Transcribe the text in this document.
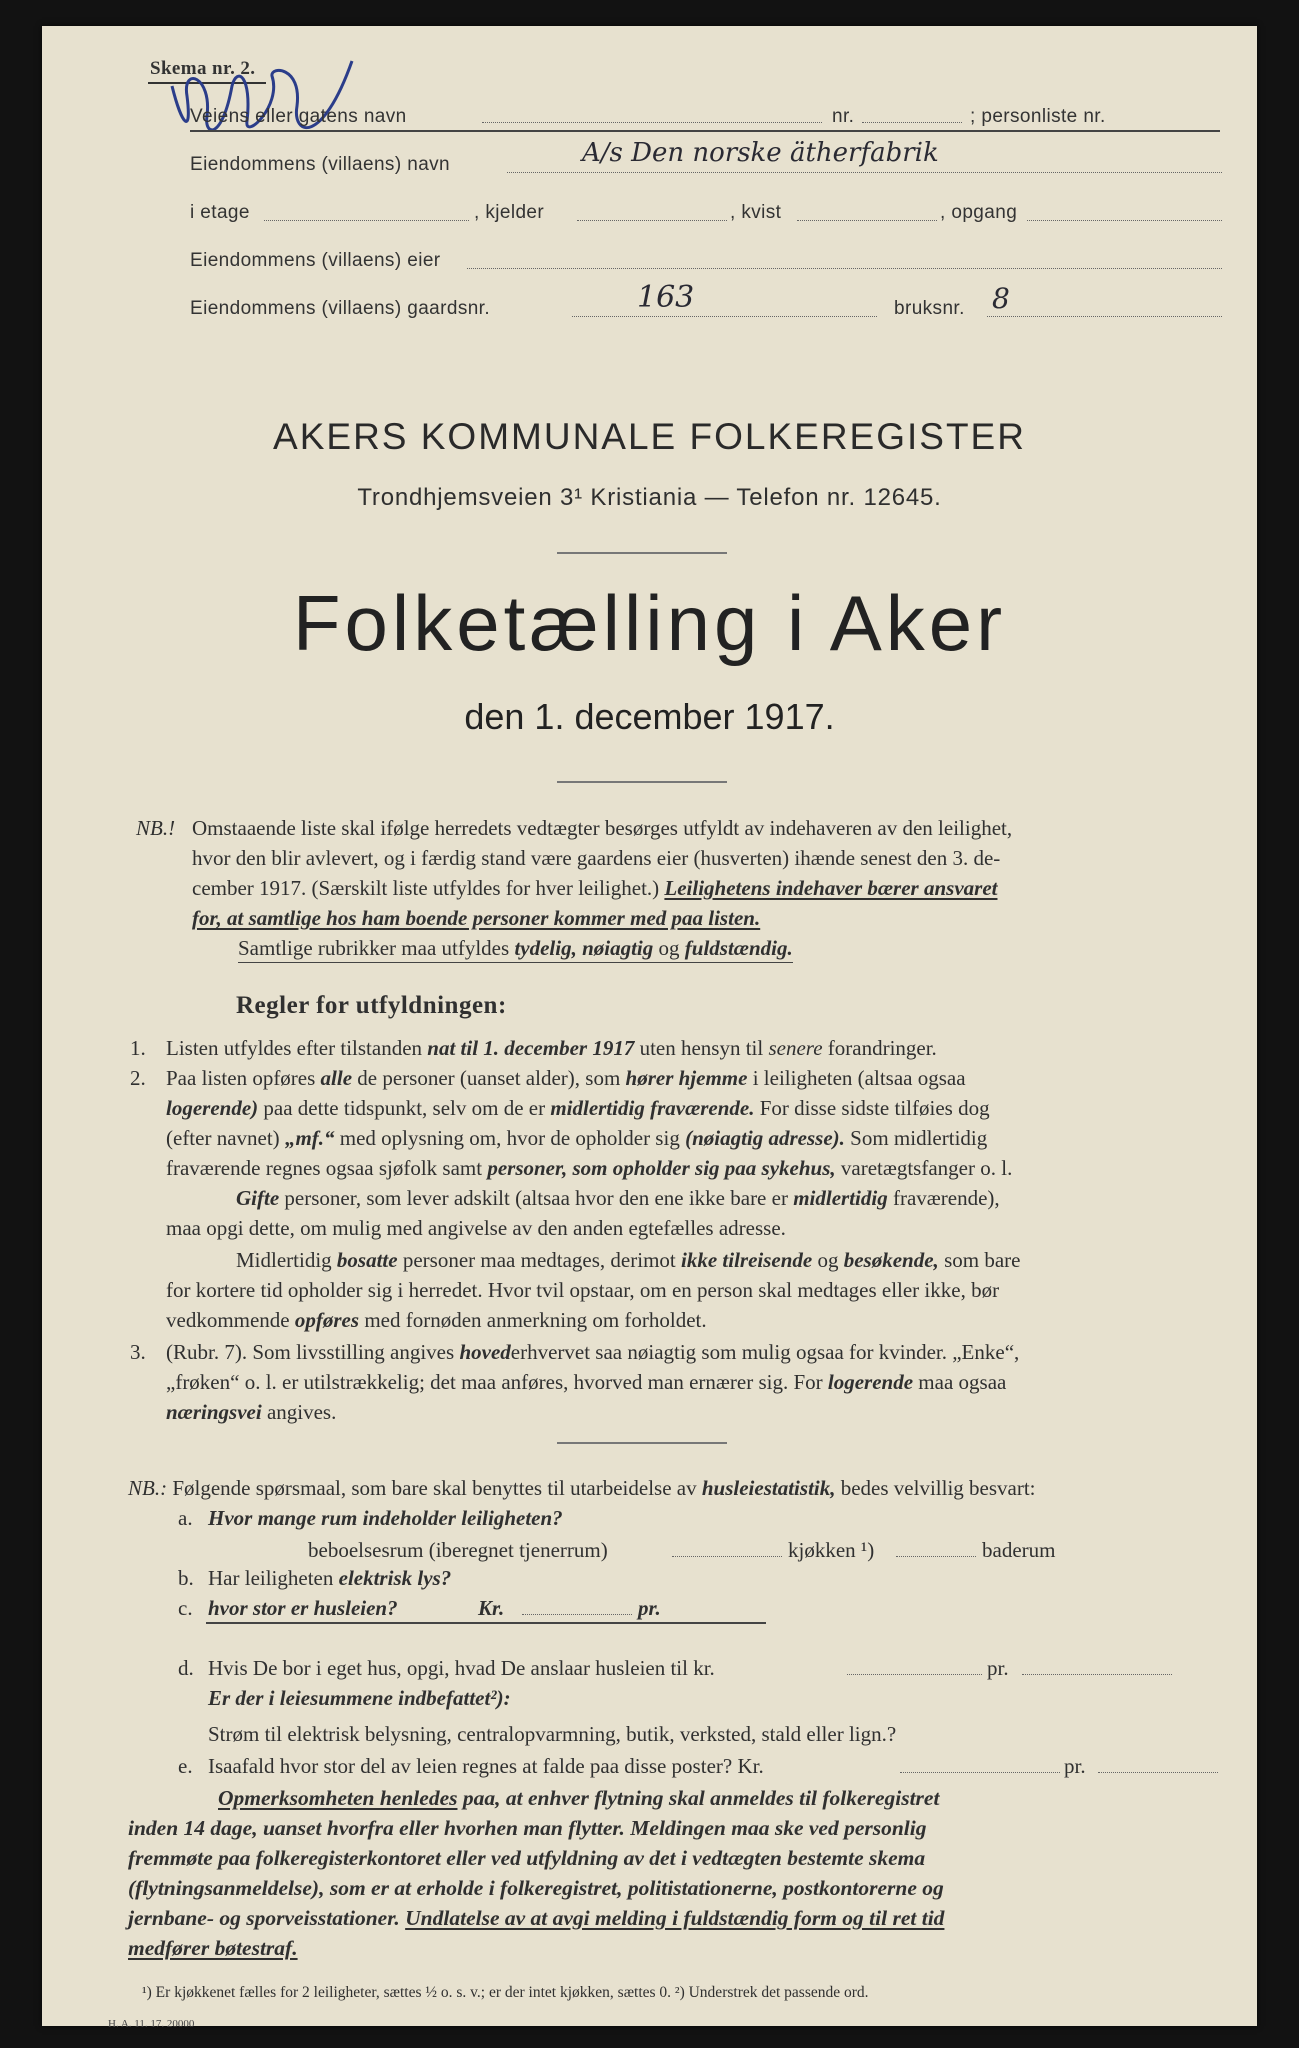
Skema nr. 2.
Veiens eller gatens navn	nr.	; personliste nr.
Eiendommens (villaens) navn	A/s Den norske ätherfabrik
i etage	, kjelder	, kvist	, opgang
Eiendommens (villaens) eier
Eiendommens (villaens) gaardsnr.	163	bruksnr. 8
AKERS KOMMUNALE FOLKEREGISTER
Trondhjemsveien 3¹ Kristiania — Telefon nr. 12645.
Folketælling i Aker
den 1. december 1917.
NB.! Omstaaende liste skal ifølge herredets vedtægter besørges utfyldt av indehaveren av den leilighet,
hvor den blir avlevert, og i færdig stand være gaardens eier (husverten) ihænde senest den 3. de-
cember 1917. (Særskilt liste utfyldes for hver leilighet.) Leilighetens indehaver bærer ansvaret
for, at samtlige hos ham boende personer kommer med paa listen.
Samtlige rubrikker maa utfyldes tydelig, nøiagtig og fuldstændig.
Regler for utfyldningen:
1. Listen utfyldes efter tilstanden nat til 1. december 1917 uten hensyn til senere forandringer.
2. Paa listen opføres alle de personer (uanset alder), som hører hjemme i leiligheten (altsaa ogsaa
logerende) paa dette tidspunkt, selv om de er midlertidig fraværende. For disse sidste tilføies dog
(efter navnet) „mf.“ med oplysning om, hvor de opholder sig (nøiagtig adresse). Som midlertidig
fraværende regnes ogsaa sjøfolk samt personer, som opholder sig paa sykehus, varetægtsfanger o. l.
Gifte personer, som lever adskilt (altsaa hvor den ene ikke bare er midlertidig fraværende),
maa opgi dette, om mulig med angivelse av den anden egtefælles adresse.
Midlertidig bosatte personer maa medtages, derimot ikke tilreisende og besøkende, som bare
for kortere tid opholder sig i herredet. Hvor tvil opstaar, om en person skal medtages eller ikke, bør
vedkommende opføres med fornøden anmerkning om forholdet.
3. (Rubr. 7). Som livsstilling angives hovederhvervet saa nøiagtig som mulig ogsaa for kvinder. „Enke“,
„frøken“ o. l. er utilstrækkelig; det maa anføres, hvorved man ernærer sig. For logerende maa ogsaa
næringsvei angives.
NB.: Følgende spørsmaal, som bare skal benyttes til utarbeidelse av husleiestatistik, bedes velvillig besvart:
a. Hvor mange rum indeholder leiligheten?
beboelsesrum (iberegnet tjenerrum)	kjøkken ¹)	baderum
b. Har leiligheten elektrisk lys?
c. hvor stor er husleien?	Kr.	pr.
d. Hvis De bor i eget hus, opgi, hvad De anslaar husleien til kr.	pr.
Er der i leiesummene indbefattet²):
Strøm til elektrisk belysning, centralopvarmning, butik, verksted, stald eller lign.?
e. Isaafald hvor stor del av leien regnes at falde paa disse poster? Kr.	pr.
Opmerksomheten henledes paa, at enhver flytning skal anmeldes til folkeregistret
inden 14 dage, uanset hvorfra eller hvorhen man flytter. Meldingen maa ske ved personlig
fremmøte paa folkeregisterkontoret eller ved utfyldning av det i vedtægten bestemte skema
(flytningsanmeldelse), som er at erholde i folkeregistret, politistationerne, postkontorerne og
jernbane- og sporveisstationer. Undlatelse av at avgi melding i fuldstændig form og til ret tid
medfører bøtestraf.
¹) Er kjøkkenet fælles for 2 leiligheter, sættes ½ o. s. v.; er der intet kjøkken, sættes 0. ²) Understrek det passende ord.
H. A. 11. 17. 20000
